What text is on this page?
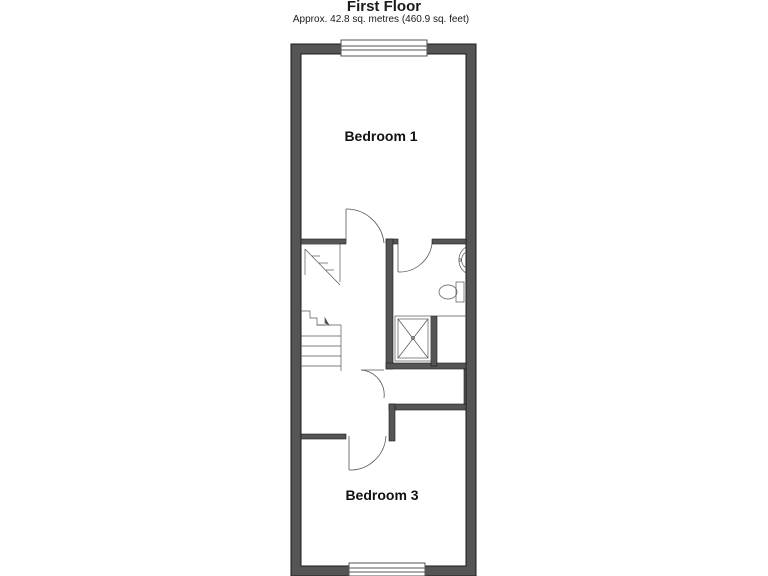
First Floor
Approx. 42.8 sq. metres (460.9 sq. feet)
Bedroom 1
Bedroom 3
